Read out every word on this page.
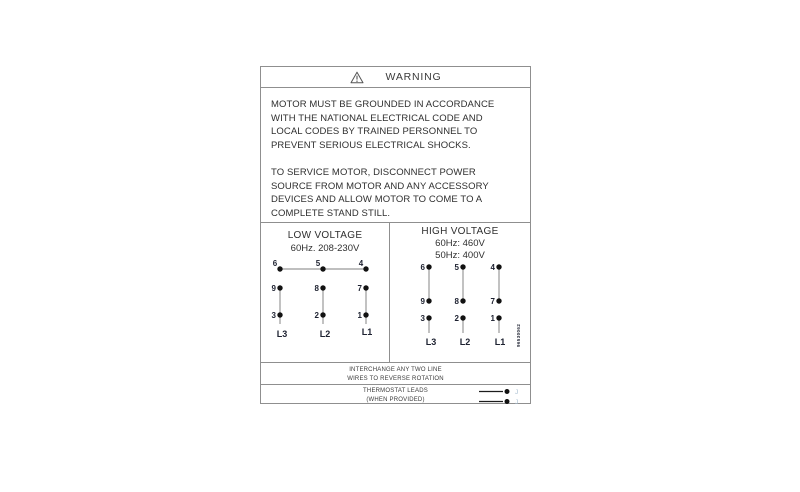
WARNING
MOTOR MUST BE GROUNDED IN ACCORDANCE
WITH THE NATIONAL ELECTRICAL CODE AND
LOCAL CODES BY TRAINED PERSONNEL TO
PREVENT SERIOUS ELECTRICAL SHOCKS.
TO SERVICE MOTOR, DISCONNECT POWER
SOURCE FROM MOTOR AND ANY ACCESSORY
DEVICES AND ALLOW MOTOR TO COME TO A
COMPLETE STAND STILL.
LOW VOLTAGE
60Hz. 208-230V
6	5	4
9	8	7
3	2	1
L3	L2	L1
HIGH VOLTAGE
60Hz: 460V
50Hz: 400V
6	5	4
9	8	7
3	2	1
L3	L2	L1 96530062
INTERCHANGE ANY TWO LINE
WIRES TO REVERSE ROTATION
THERMOSTAT LEADS
(WHEN PROVIDED)
J
J
